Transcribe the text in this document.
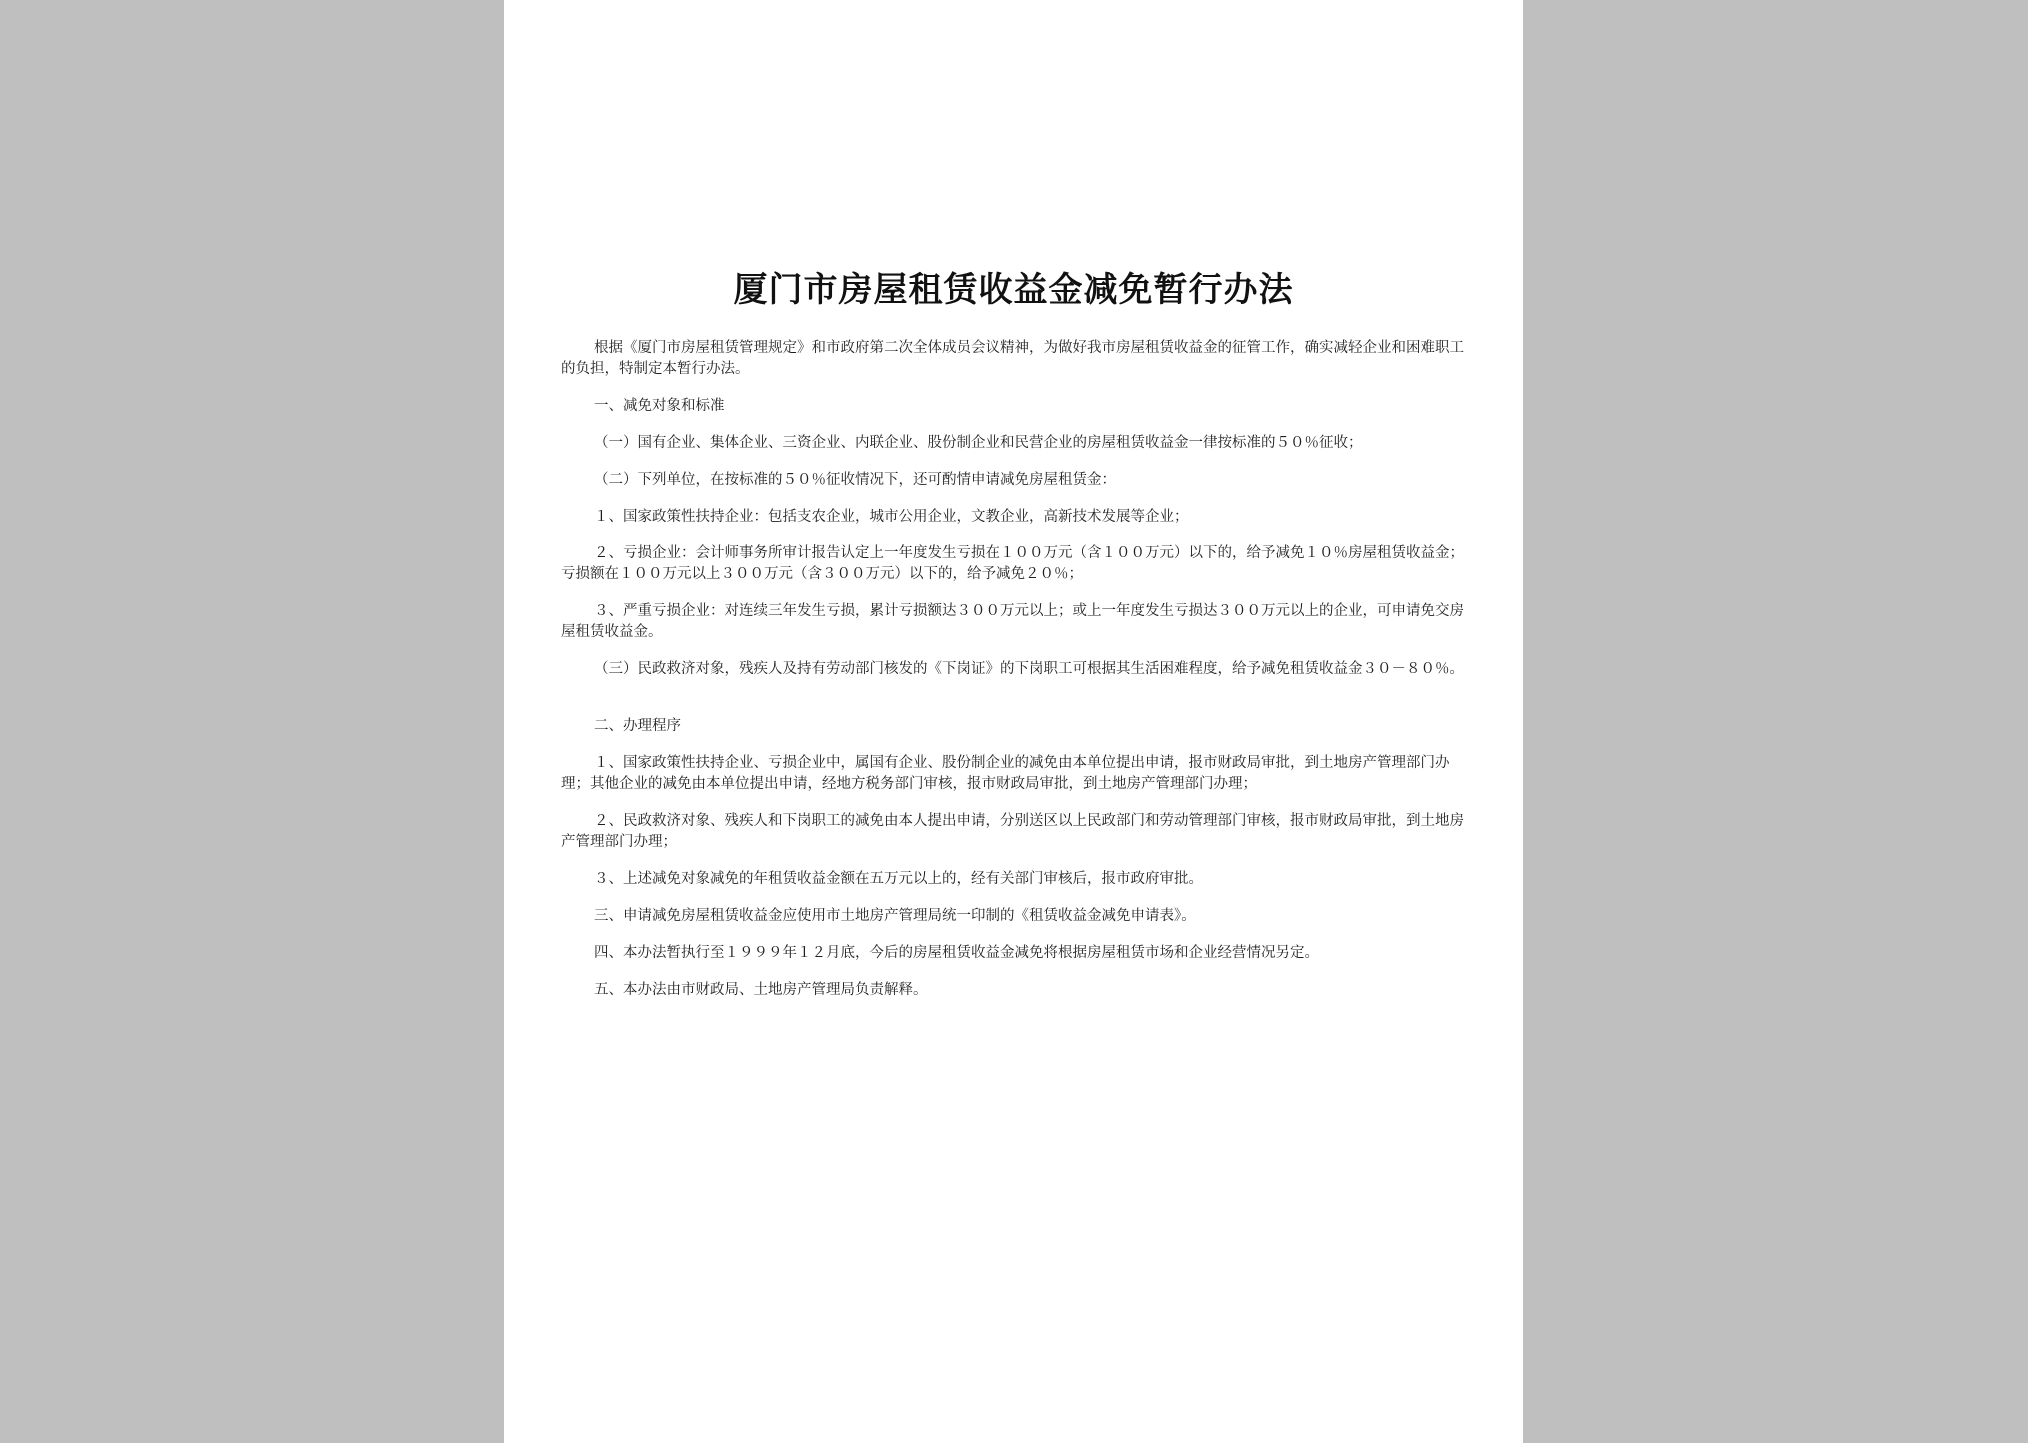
厦门市房屋租赁收益金减免暂行办法

根据《厦门市房屋租赁管理规定》和市政府第二次全体成员会议精神，为做好我市房屋租赁收益金的征管工作，确实减轻企业和困难职工的负担，特制定本暂行办法。

一、减免对象和标准

（一）国有企业、集体企业、三资企业、内联企业、股份制企业和民营企业的房屋租赁收益金一律按标准的５０％征收；

（二）下列单位，在按标准的５０％征收情况下，还可酌情申请减免房屋租赁金：

１、国家政策性扶持企业：包括支农企业，城市公用企业，文教企业，高新技术发展等企业；

２、亏损企业：会计师事务所审计报告认定上一年度发生亏损在１００万元（含１００万元）以下的，给予减免１０％房屋租赁收益金；亏损额在１００万元以上３００万元（含３００万元）以下的，给予减免２０％；

３、严重亏损企业：对连续三年发生亏损，累计亏损额达３００万元以上；或上一年度发生亏损达３００万元以上的企业，可申请免交房屋租赁收益金。

（三）民政救济对象，残疾人及持有劳动部门核发的《下岗证》的下岗职工可根据其生活困难程度，给予减免租赁收益金３０－８０％。

二、办理程序

１、国家政策性扶持企业、亏损企业中，属国有企业、股份制企业的减免由本单位提出申请，报市财政局审批，到土地房产管理部门办理；其他企业的减免由本单位提出申请，经地方税务部门审核，报市财政局审批，到土地房产管理部门办理；

２、民政救济对象、残疾人和下岗职工的减免由本人提出申请，分别送区以上民政部门和劳动管理部门审核，报市财政局审批，到土地房产管理部门办理；

３、上述减免对象减免的年租赁收益金额在五万元以上的，经有关部门审核后，报市政府审批。

三、申请减免房屋租赁收益金应使用市土地房产管理局统一印制的《租赁收益金减免申请表》。

四、本办法暂执行至１９９９年１２月底，今后的房屋租赁收益金减免将根据房屋租赁市场和企业经营情况另定。

五、本办法由市财政局、土地房产管理局负责解释。
